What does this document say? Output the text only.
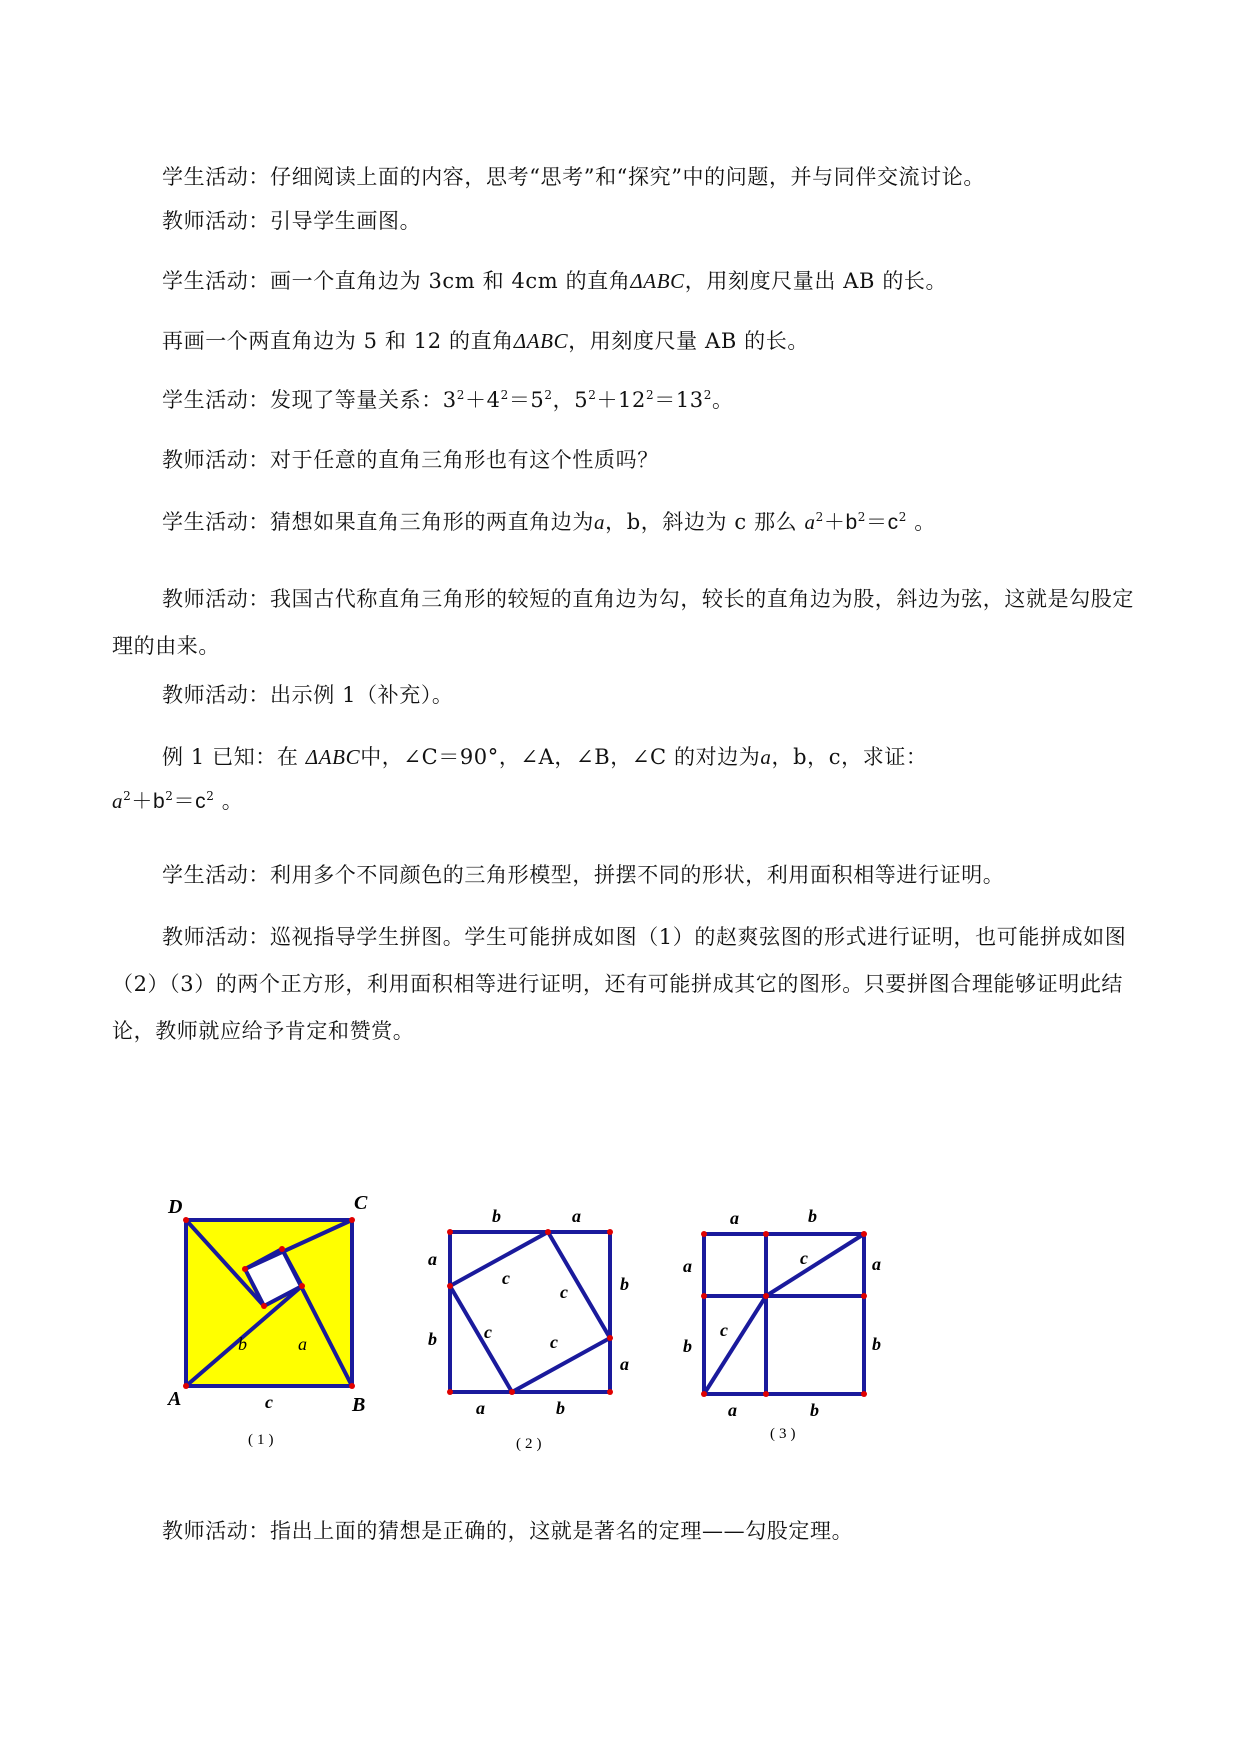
学生活动：仔细阅读上面的内容，思考“思考”和“探究”中的问题，并与同伴交流讨论。
教师活动：引导学生画图。
学生活动：画一个直角边为 3cm 和 4cm 的直角ΔABC，用刻度尺量出 AB 的长。
再画一个两直角边为 5 和 12 的直角ΔABC，用刻度尺量 AB 的长。
学生活动：发现了等量关系：$3^2+4^2=5^2$，$5^2+12^2=13^2$。
教师活动：对于任意的直角三角形也有这个性质吗？
学生活动：猜想如果直角三角形的两直角边为a，b，斜边为 c 那么 $a^2+b^2=c^2$ 。
教师活动：我国古代称直角三角形的较短的直角边为勾，较长的直角边为股，斜边为弦，这就是勾股定理的由来。
教师活动：出示例 1（补充）。
例 1 已知：在 ΔABC中，∠C＝90°，∠A，∠B，∠C 的对边为a，b，c，求证：
$a^2+b^2=c^2$ 。
学生活动：利用多个不同颜色的三角形模型，拼摆不同的形状，利用面积相等进行证明。
教师活动：巡视指导学生拼图。学生可能拼成如图（1）的赵爽弦图的形式进行证明，也可能拼成如图（2）（3）的两个正方形，利用面积相等进行证明，还有可能拼成其它的图形。只要拼图合理能够证明此结论，教师就应给予肯定和赞赏。
D	C
A	B
a
b
c
(1)
b	a
a
b
b
a
a	b
c
c
c	c
(2)
a	b
a
b
a
b
a	b
c
c
(3)
教师活动：指出上面的猜想是正确的，这就是著名的定理——勾股定理。
